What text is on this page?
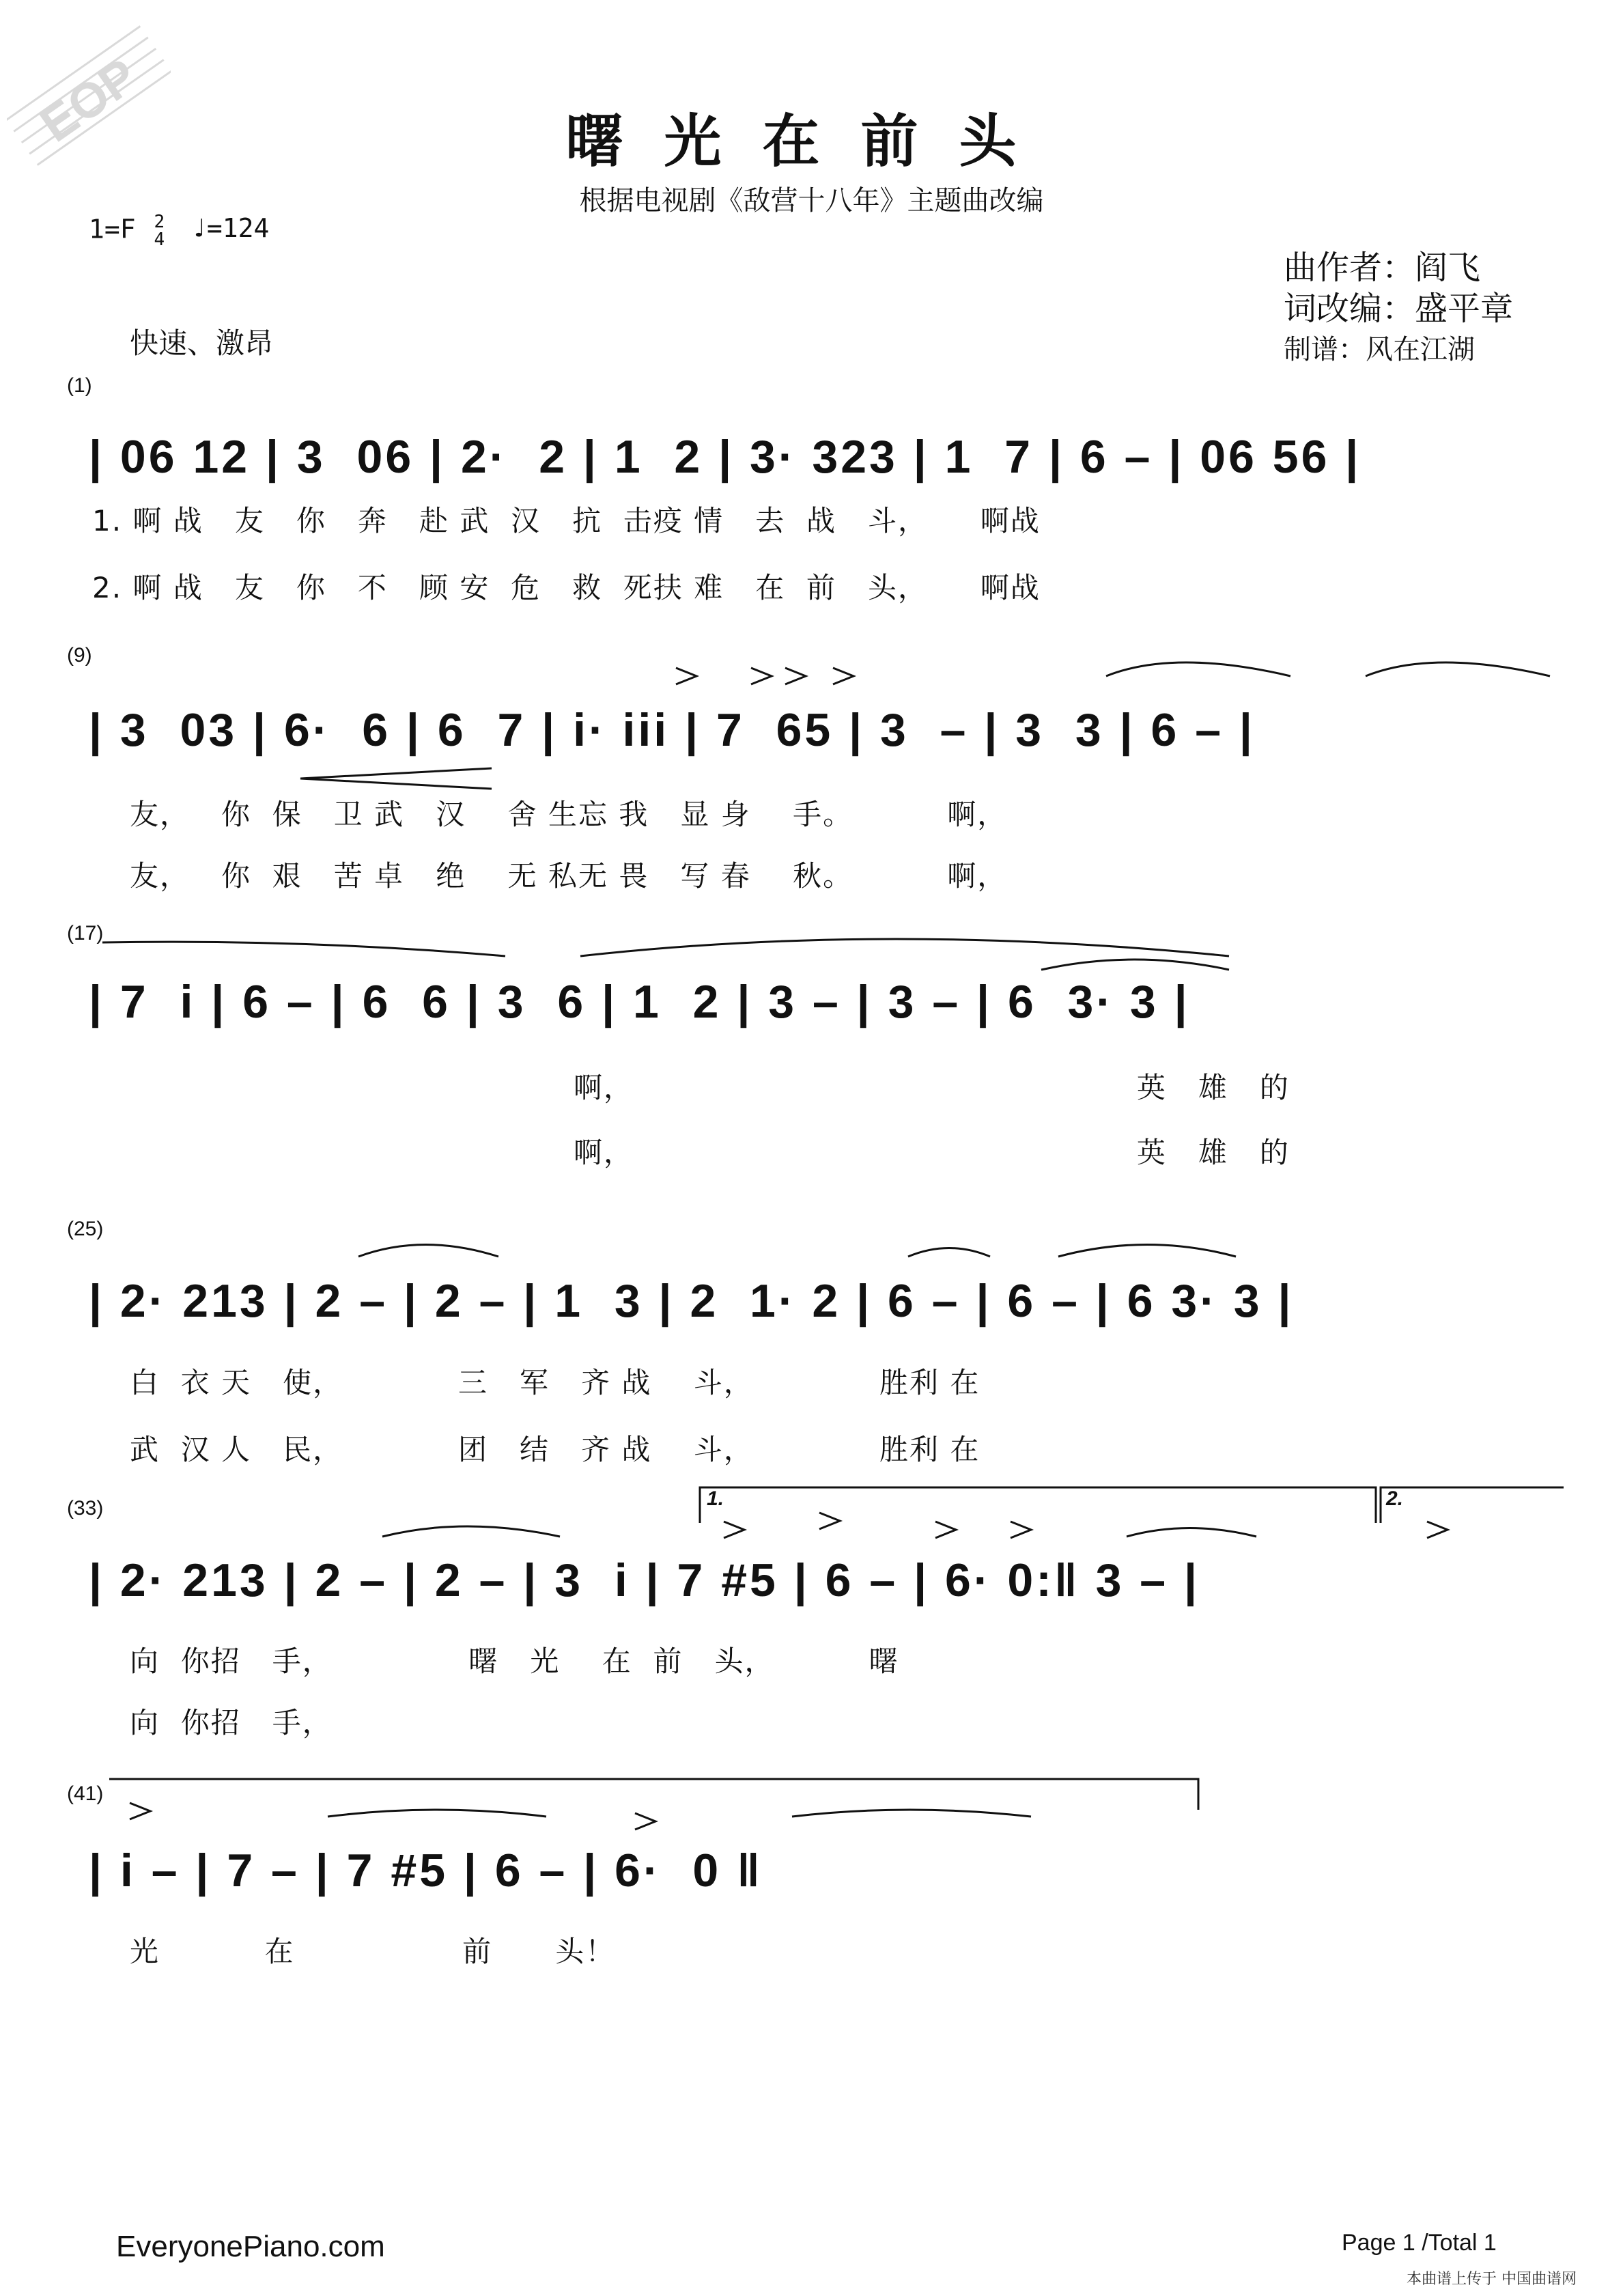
EOP	曙光在前头
根据电视剧《敌营十八年》主题曲改编
1=F 2
4 ♩=124
曲作者：阎飞
词改编：盛平章
制谱：风在江湖
快速、激昂
(1)
| 06 12 | 3  06 | 2·  2 | 1  2 | 3· 323 | 1  7 | 6 – | 06 56 |
1. 啊 战   友   你   奔   赴 武  汉   抗  击疫 情   去  战   斗，     啊战
2. 啊 战   友   你   不   顾 安  危   救  死扶 难   在  前   头，     啊战
(9)
| 3  03 | 6·  6 | 6  7 | i· iii | 7  65 | 3  – | 3  3 | 6 – |
友，   你  保   卫 武   汉    舍 生忘 我   显 身    手。         啊，
友，   你  艰   苦 卓   绝    无 私无 畏   写 春    秋。         啊，
(17)
| 7  i | 6 – | 6  6 | 3  6 | 1  2 | 3 – | 3 – | 6  3· 3 |
啊，                                                英   雄   的
啊，                                                英   雄   的
(25)
| 2· 213 | 2 – | 2 – | 1  3 | 2  1· 2 | 6 – | 6 – | 6 3· 3 |
白  衣 天   使，           三   军   齐 战    斗，            胜利 在
武  汉 人   民，           团   结   齐 战    斗，            胜利 在
(33)	1.	2.
| 2· 213 | 2 – | 2 – | 3  i | 7 #5 | 6 – | 6· 0:‖ 3 – |
向  你招   手，             曙   光    在  前   头，         曙
向  你招   手，
(41)
| i – | 7 – | 7 #5 | 6 – | 6·  0 ‖
光          在                前      头！
EveryonePiano.com	Page 1 /Total 1
本曲谱上传于 中国曲谱网
